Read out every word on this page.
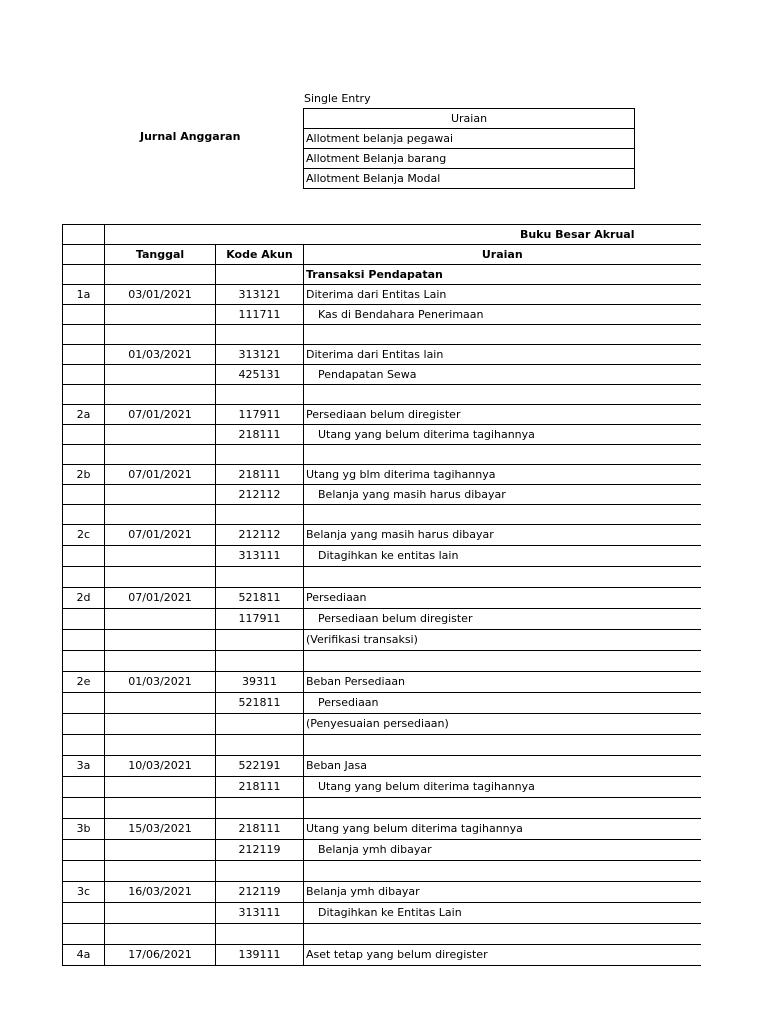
Single Entry
Jurnal Anggaran
Uraian
Allotment belanja pegawai
Allotment Belanja barang
Allotment Belanja Modal
			Buku Besar Akrual
	Tanggal	Kode Akun	Uraian
			Transaksi Pendapatan
1a	03/01/2021	313121	Diterima dari Entitas Lain
		111711	Kas di Bendahara Penerimaan

	01/03/2021	313121	Diterima dari Entitas lain
		425131	Pendapatan Sewa

2a	07/01/2021	117911	Persediaan belum diregister
		218111	Utang yang belum diterima tagihannya

2b	07/01/2021	218111	Utang yg blm diterima tagihannya
		212112	Belanja yang masih harus dibayar

2c	07/01/2021	212112	Belanja yang masih harus dibayar
		313111	Ditagihkan ke entitas lain

2d	07/01/2021	521811	Persediaan
		117911	Persediaan belum diregister
			(Verifikasi transaksi)

2e	01/03/2021	39311	Beban Persediaan
		521811	Persediaan
			(Penyesuaian persediaan)

3a	10/03/2021	522191	Beban Jasa
		218111	Utang yang belum diterima tagihannya

3b	15/03/2021	218111	Utang yang belum diterima tagihannya
		212119	Belanja ymh dibayar

3c	16/03/2021	212119	Belanja ymh dibayar
		313111	Ditagihkan ke Entitas Lain

4a	17/06/2021	139111	Aset tetap yang belum diregister
